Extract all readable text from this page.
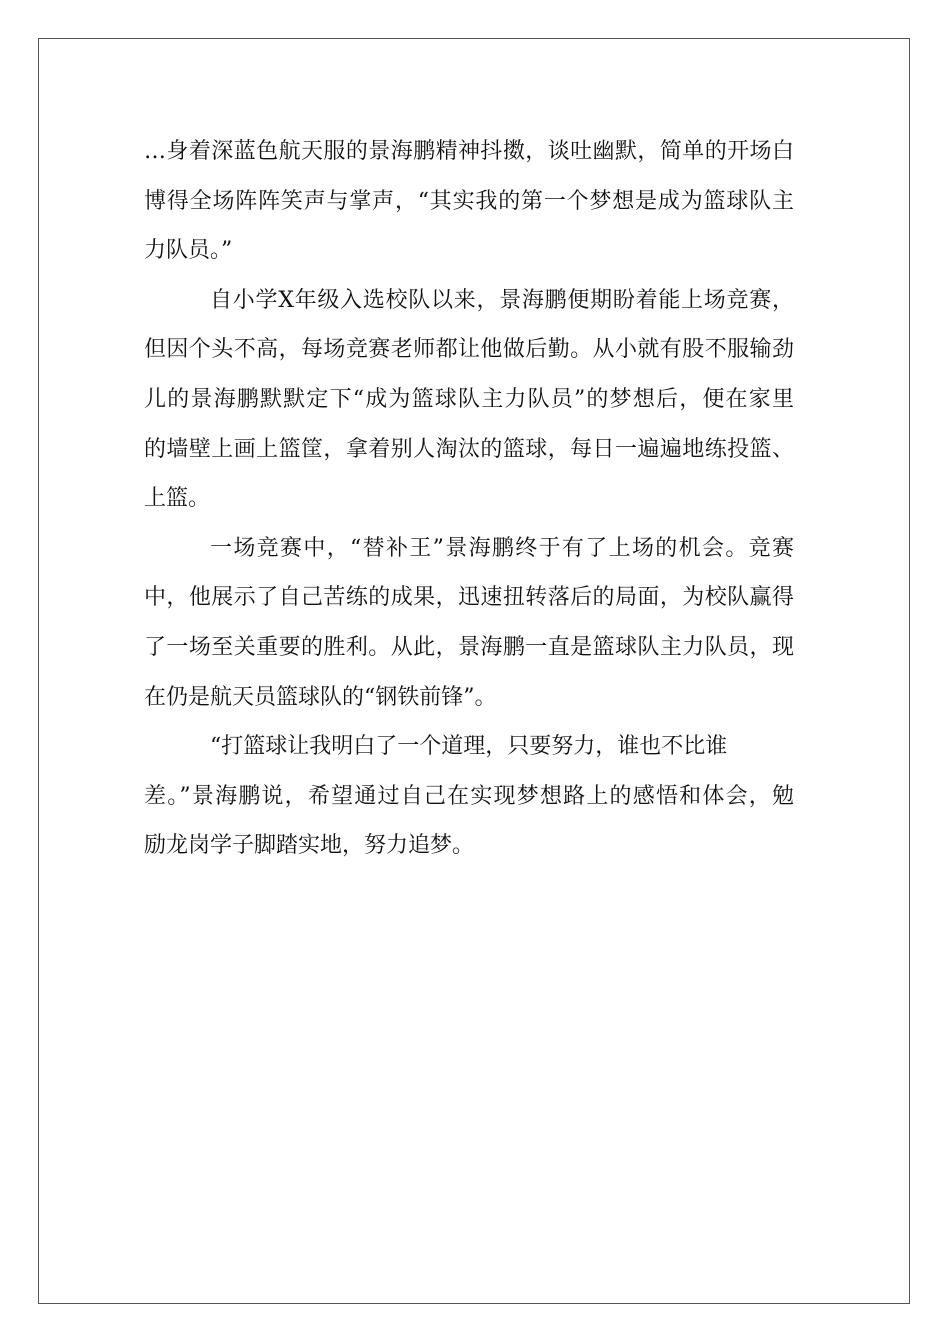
…身着深蓝色航天服的景海鹏精神抖擞，谈吐幽默，简单的开场白
博得全场阵阵笑声与掌声，“其实我的第一个梦想是成为篮球队主
力队员。”
自小学X年级入选校队以来，景海鹏便期盼着能上场竞赛，
但因个头不高，每场竞赛老师都让他做后勤。从小就有股不服输劲
儿的景海鹏默默定下“成为篮球队主力队员”的梦想后，便在家里
的墙壁上画上篮筐，拿着别人淘汰的篮球，每日一遍遍地练投篮、
上篮。
一场竞赛中，“替补王”景海鹏终于有了上场的机会。竞赛
中，他展示了自己苦练的成果，迅速扭转落后的局面，为校队赢得
了一场至关重要的胜利。从此，景海鹏一直是篮球队主力队员，现
在仍是航天员篮球队的“钢铁前锋”。
“打篮球让我明白了一个道理，只要努力，谁也不比谁
差。”景海鹏说，希望通过自己在实现梦想路上的感悟和体会，勉
励龙岗学子脚踏实地，努力追梦。
